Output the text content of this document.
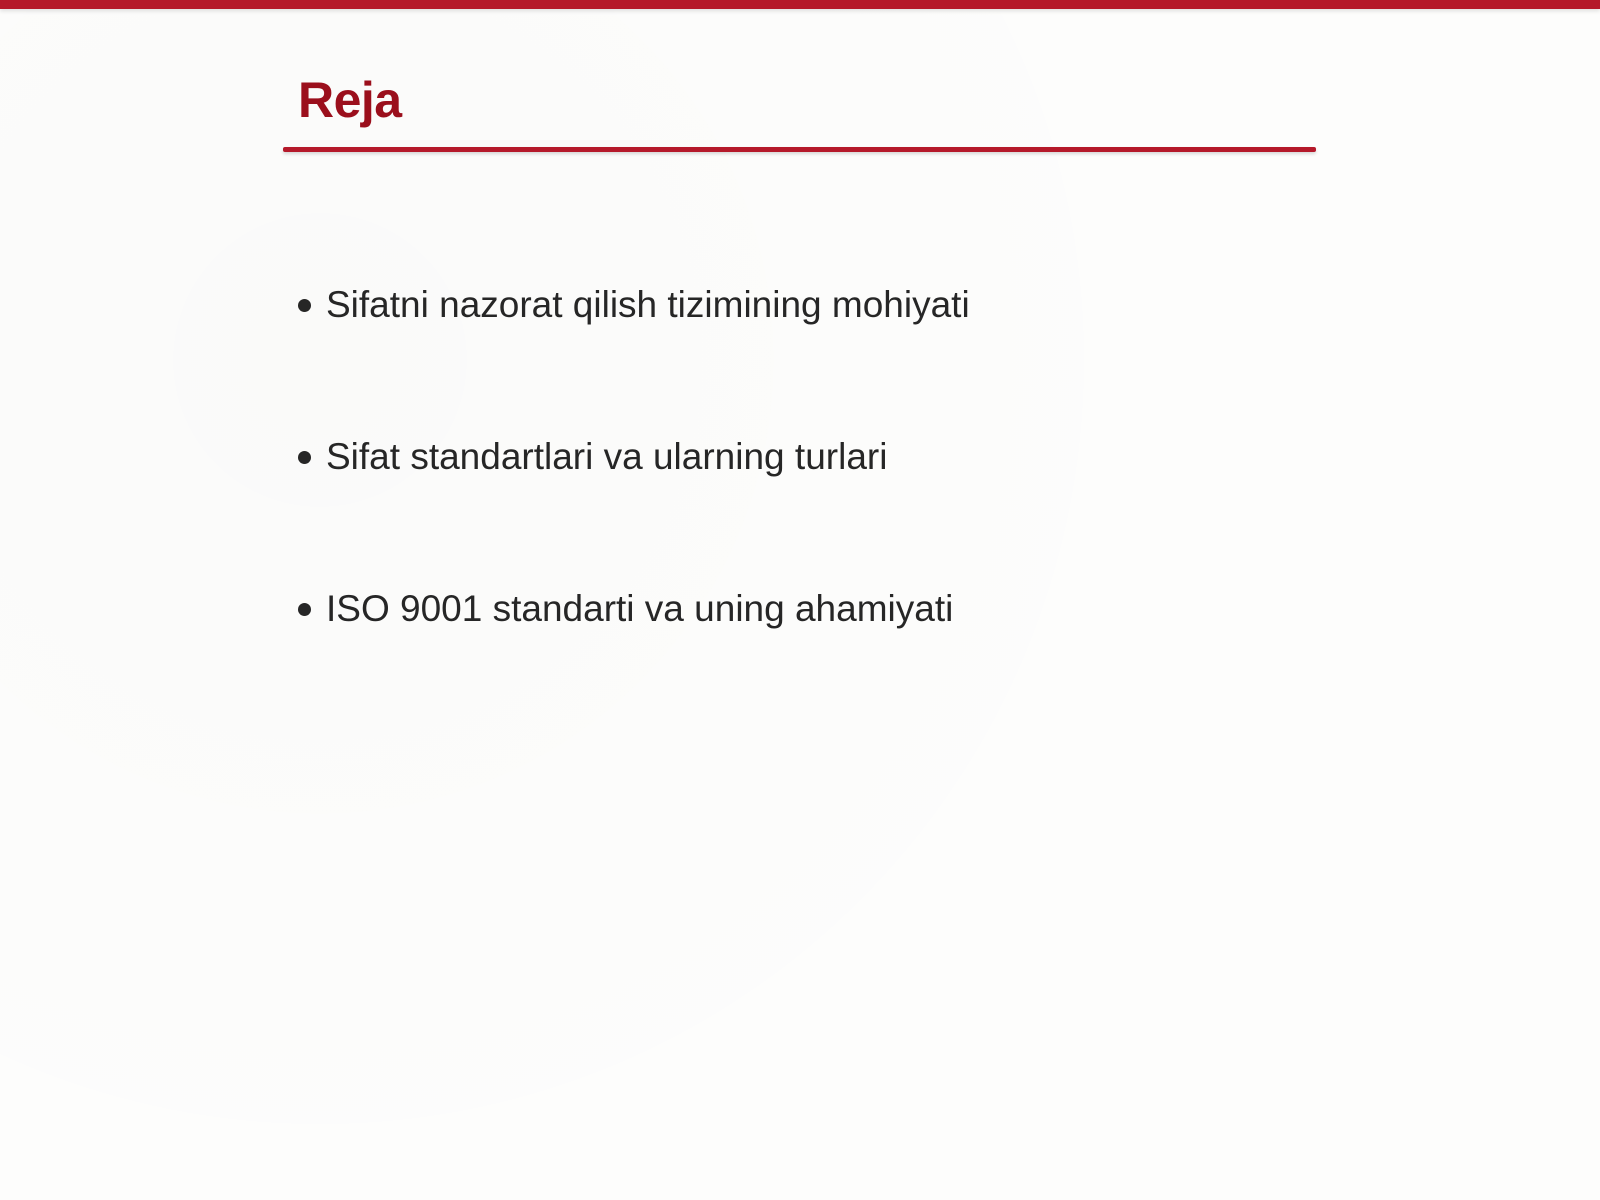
Reja
Sifatni nazorat qilish tizimining mohiyati
Sifat standartlari va ularning turlari
ISO 9001 standarti va uning ahamiyati
